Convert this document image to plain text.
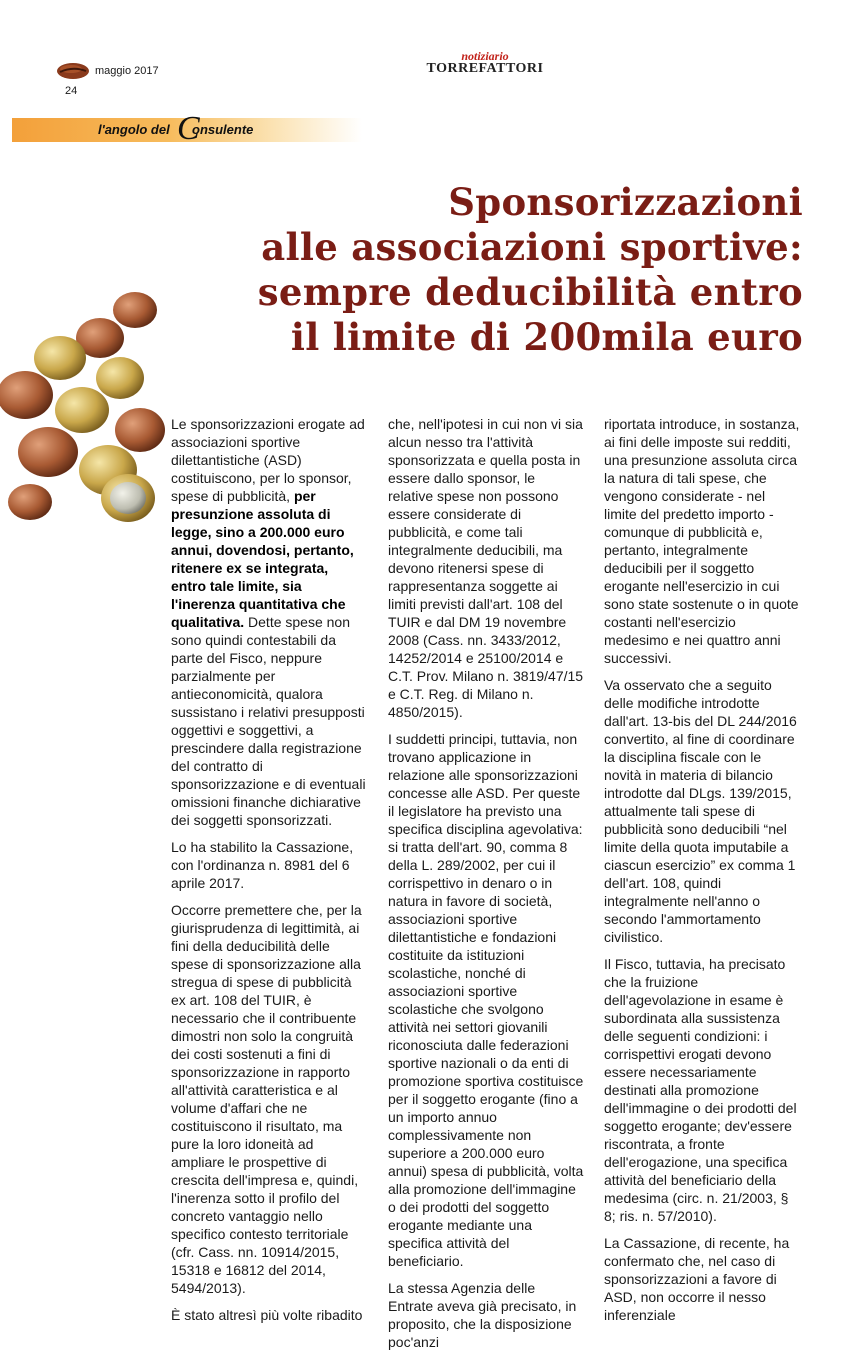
maggio 2017
24
notiziario
TORREFATTORI
l'angolo del C
onsulente
Sponsorizzazioni
alle associazioni sportive:
sempre deducibilità entro
il limite di 200mila euro

Le sponsorizzazioni erogate ad associazioni sportive dilettantistiche (ASD) costituiscono, per lo sponsor, spese di pubblicità, per presunzione assoluta di legge, sino a 200.000 euro annui, dovendosi, pertanto, ritenere ex se integrata, entro tale limite, sia l'inerenza quantitativa che qualitativa. Dette spese non sono quindi contestabili da parte del Fisco, neppure parzialmente per antieconomicità, qualora sussistano i relativi presupposti oggettivi e soggettivi, a prescindere dalla registrazione del contratto di sponsorizzazione e di eventuali omissioni finanche dichiarative dei soggetti sponsorizzati.

Lo ha stabilito la Cassazione, con l'ordinanza n. 8981 del 6 aprile 2017.

Occorre premettere che, per la giurisprudenza di legittimità, ai fini della deducibilità delle spese di sponsorizzazione alla stregua di spese di pubblicità ex art. 108 del TUIR, è necessario che il contribuente dimostri non solo la congruità dei costi sostenuti a fini di sponsorizzazione in rapporto all'attività caratteristica e al volume d'affari che ne costituiscono il risultato, ma pure la loro idoneità ad ampliare le prospettive di crescita dell'impresa e, quindi, l'inerenza sotto il profilo del concreto vantaggio nello specifico contesto territoriale (cfr. Cass. nn. 10914/2015, 15318 e 16812 del 2014, 5494/2013).

È stato altresì più volte ribadito

che, nell'ipotesi in cui non vi sia alcun nesso tra l'attività sponsorizzata e quella posta in essere dallo sponsor, le relative spese non possono essere considerate di pubblicità, e come tali integralmente deducibili, ma devono ritenersi spese di rappresentanza soggette ai limiti previsti dall'art. 108 del TUIR e dal DM 19 novembre 2008 (Cass. nn. 3433/2012, 14252/2014 e 25100/2014 e C.T. Prov. Milano n. 3819/47/15 e C.T. Reg. di Milano n. 4850/2015).

I suddetti principi, tuttavia, non trovano applicazione in relazione alle sponsorizzazioni concesse alle ASD. Per queste il legislatore ha previsto una specifica disciplina agevolativa: si tratta dell'art. 90, comma 8 della L. 289/2002, per cui il corrispettivo in denaro o in natura in favore di società, associazioni sportive dilettantistiche e fondazioni costituite da istituzioni scolastiche, nonché di associazioni sportive scolastiche che svolgono attività nei settori giovanili riconosciuta dalle federazioni sportive nazionali o da enti di promozione sportiva costituisce per il soggetto erogante (fino a un importo annuo complessivamente non superiore a 200.000 euro annui) spesa di pubblicità, volta alla promozione dell'immagine o dei prodotti del soggetto erogante mediante una specifica attività del beneficiario.

La stessa Agenzia delle Entrate aveva già precisato, in proposito, che la disposizione poc'anzi

riportata introduce, in sostanza, ai fini delle imposte sui redditi, una presunzione assoluta circa la natura di tali spese, che vengono considerate - nel limite del predetto importo - comunque di pubblicità e, pertanto, integralmente deducibili per il soggetto erogante nell'esercizio in cui sono state sostenute o in quote costanti nell'esercizio medesimo e nei quattro anni successivi.

Va osservato che a seguito delle modifiche introdotte dall'art. 13-bis del DL 244/2016 convertito, al fine di coordinare la disciplina fiscale con le novità in materia di bilancio introdotte dal DLgs. 139/2015, attualmente tali spese di pubblicità sono deducibili “nel limite della quota imputabile a ciascun esercizio” ex comma 1 dell'art. 108, quindi integralmente nell'anno o secondo l'ammortamento civilistico.

Il Fisco, tuttavia, ha precisato che la fruizione dell'agevolazione in esame è subordinata alla sussistenza delle seguenti condizioni: i corrispettivi erogati devono essere necessariamente destinati alla promozione dell'immagine o dei prodotti del soggetto erogante; dev'essere riscontrata, a fronte dell'erogazione, una specifica attività del beneficiario della medesima (circ. n. 21/2003, § 8; ris. n. 57/2010).

La Cassazione, di recente, ha confermato che, nel caso di sponsorizzazioni a favore di ASD, non occorre il nesso inferenziale
